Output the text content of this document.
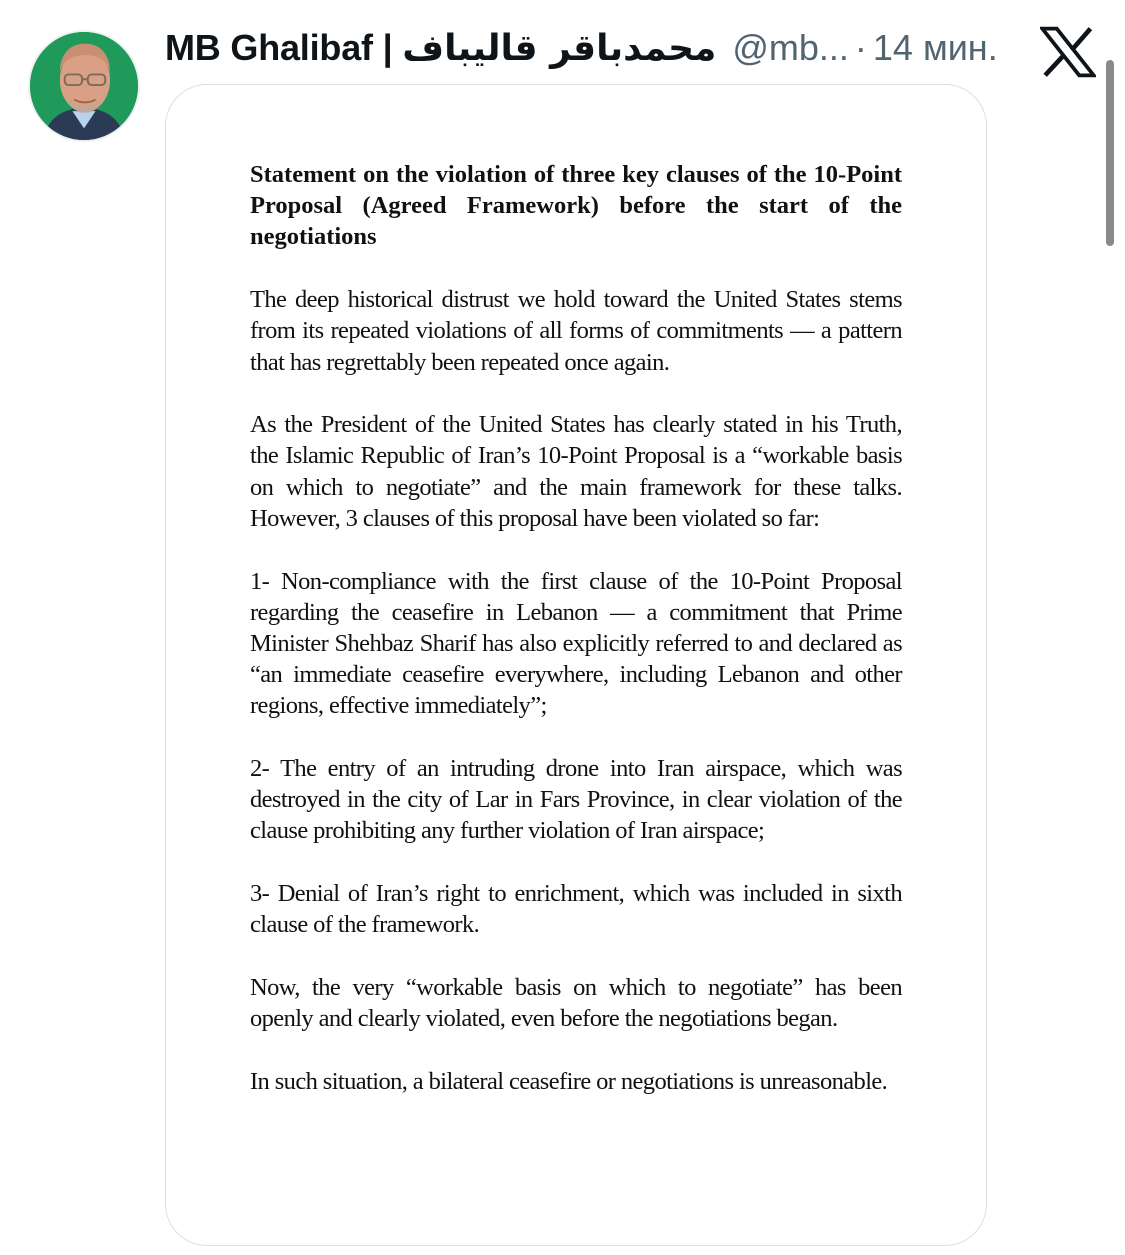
MB Ghalibaf | محمدباقر قالیباف @mb... · 14 мин.

Statement on the violation of three key clauses of the 10-Point Proposal (Agreed Framework) before the start of the negotiations

The deep historical distrust we hold toward the United States stems from its repeated violations of all forms of commitments — a pattern that has regrettably been repeated once again.

As the President of the United States has clearly stated in his Truth, the Islamic Republic of Iran’s 10-Point Proposal is a “workable basis on which to negotiate” and the main framework for these talks. However, 3 clauses of this proposal have been violated so far:

1- Non-compliance with the first clause of the 10-Point Proposal regarding the ceasefire in Lebanon — a commitment that Prime Minister Shehbaz Sharif has also explicitly referred to and declared as “an immediate ceasefire everywhere, including Lebanon and other regions, effective immediately”;

2- The entry of an intruding drone into Iran airspace, which was destroyed in the city of Lar in Fars Province, in clear violation of the clause prohibiting any further violation of Iran airspace;

3- Denial of Iran’s right to enrichment, which was included in sixth clause of the framework.

Now, the very “workable basis on which to negotiate” has been openly and clearly violated, even before the negotiations began.

In such situation, a bilateral ceasefire or negotiations is unreasonable.
